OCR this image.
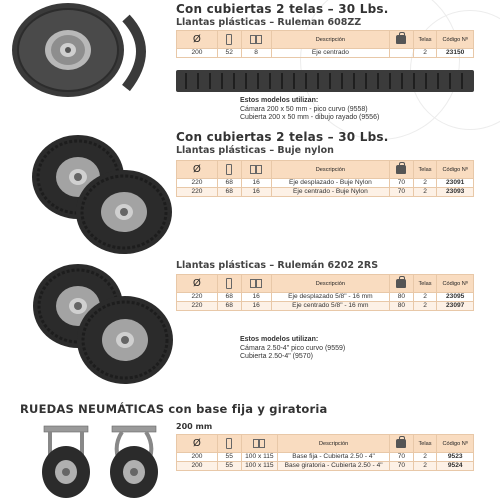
Con cubiertas 2 telas – 30 Lbs.
Llantas plásticas – Ruleman 608ZZ
Ø			Descripción		Telas	Código Nº
200	52	8	Eje centrado		2	23150
Estos modelos utilizan:
Cámara 200 x 50 mm - pico curvo (9558)
Cubierta 200 x 50 mm - dibujo rayado (9556)
Con cubiertas 2 telas – 30 Lbs.
Llantas plásticas – Buje nylon
Ø			Descripción		Telas	Código Nº
220	68	16	Eje desplazado - Buje Nylon	70	2	23091
220	68	16	Eje centrado - Buje Nylon	70	2	23093
Llantas plásticas – Rulemán 6202 2RS
Ø			Descripción		Telas	Código Nº
220	68	16	Eje desplazado 5/8" - 16 mm	80	2	23095
220	68	16	Eje centrado 5/8" - 16 mm	80	2	23097
Estos modelos utilizan:
Cámara 2.50-4" pico curvo (9559)
Cubierta 2.50-4" (9570)
RUEDAS NEUMÁTICAS con base fija y giratoria
200 mm
Ø			Descripción		Telas	Código Nº
200	55	100 x 115	Base fija - Cubierta 2.50 - 4"	70	2	9523
200	55	100 x 115	Base giratoria - Cubierta 2.50 - 4"	70	2	9524
